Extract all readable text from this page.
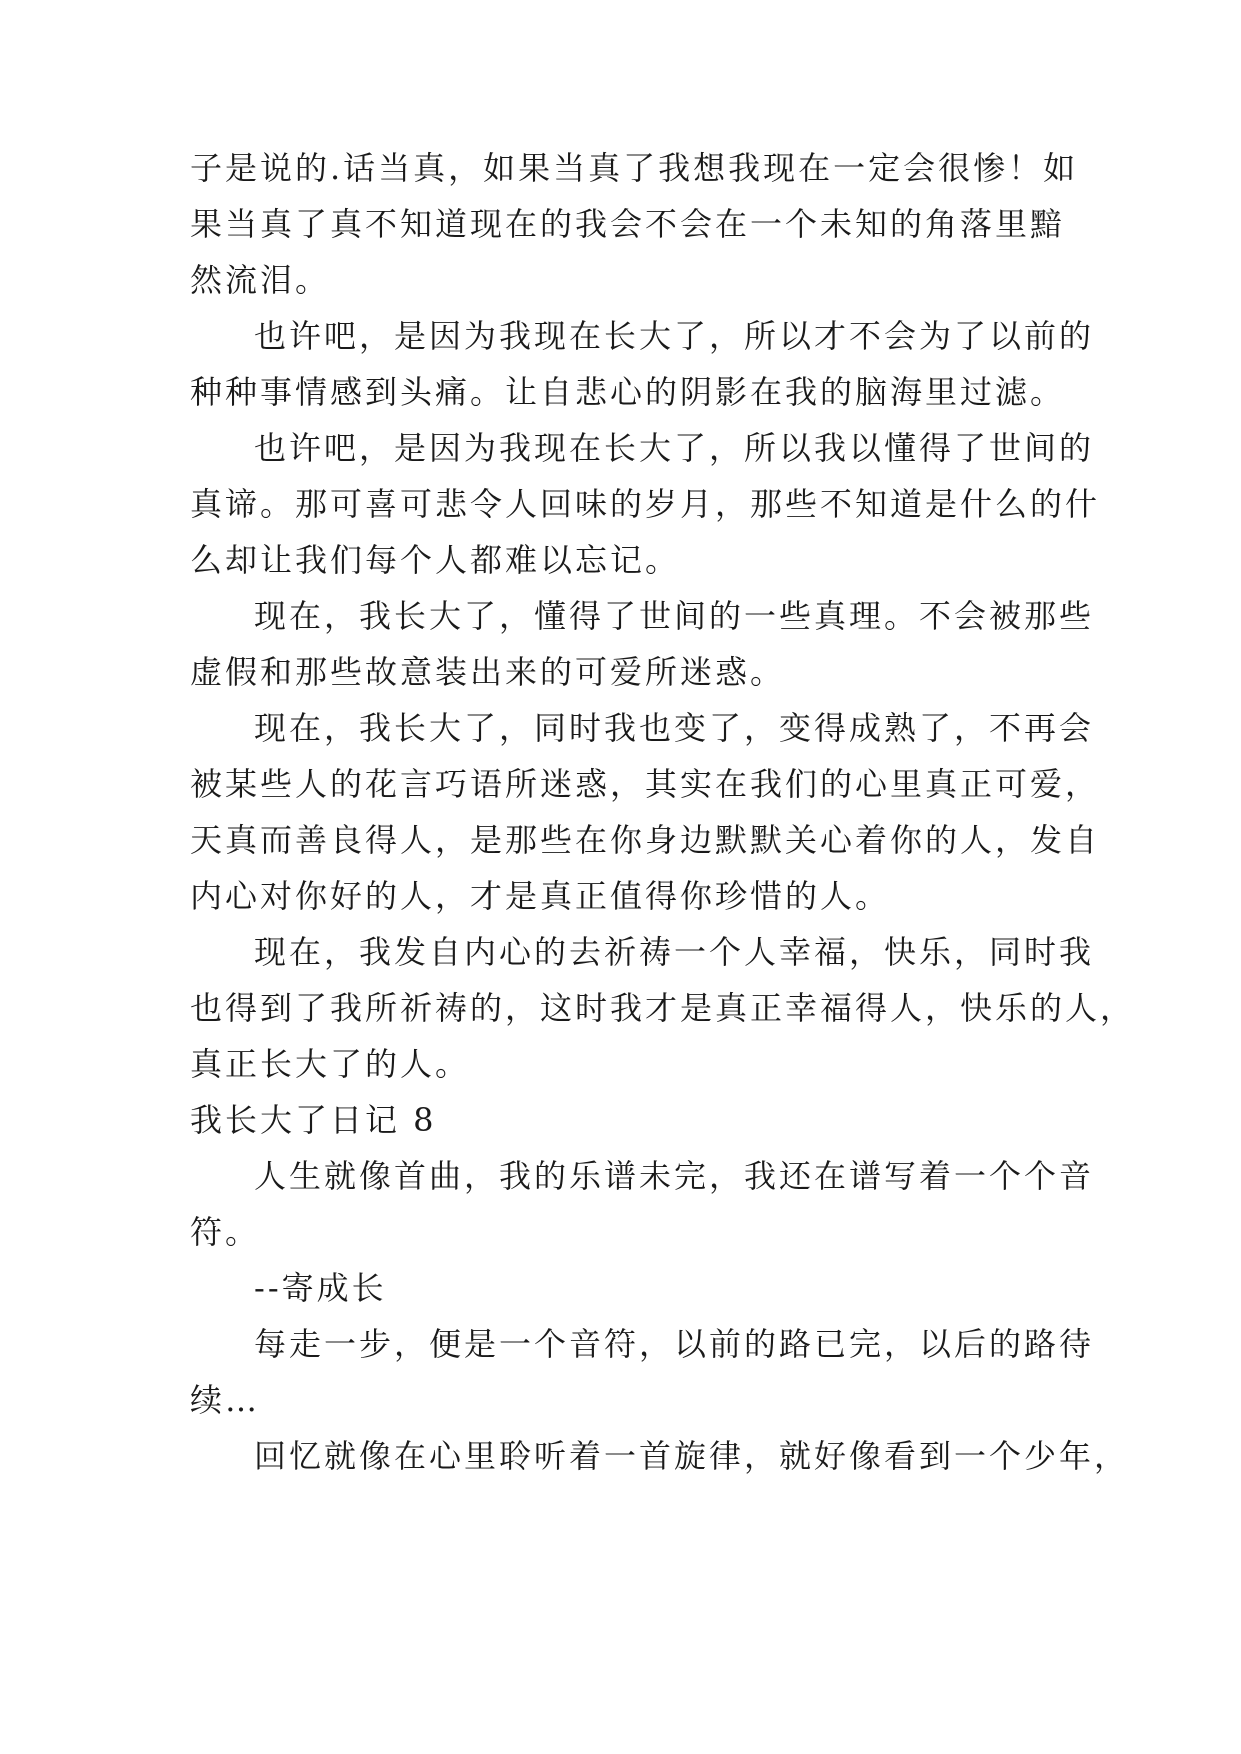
子是说的.话当真，如果当真了我想我现在一定会很惨！如
果当真了真不知道现在的我会不会在一个未知的角落里黯
然流泪。
也许吧，是因为我现在长大了，所以才不会为了以前的
种种事情感到头痛。让自悲心的阴影在我的脑海里过滤。
也许吧，是因为我现在长大了，所以我以懂得了世间的
真谛。那可喜可悲令人回味的岁月，那些不知道是什么的什
么却让我们每个人都难以忘记。
现在，我长大了，懂得了世间的一些真理。不会被那些
虚假和那些故意装出来的可爱所迷惑。
现在，我长大了，同时我也变了，变得成熟了，不再会
被某些人的花言巧语所迷惑，其实在我们的心里真正可爱，
天真而善良得人，是那些在你身边默默关心着你的人，发自
内心对你好的人，才是真正值得你珍惜的人。
现在，我发自内心的去祈祷一个人幸福，快乐，同时我
也得到了我所祈祷的，这时我才是真正幸福得人，快乐的人，
真正长大了的人。
我长大了日记 8
人生就像首曲，我的乐谱未完，我还在谱写着一个个音
符。
--寄成长
每走一步，便是一个音符，以前的路已完，以后的路待
续…
回忆就像在心里聆听着一首旋律，就好像看到一个少年，
